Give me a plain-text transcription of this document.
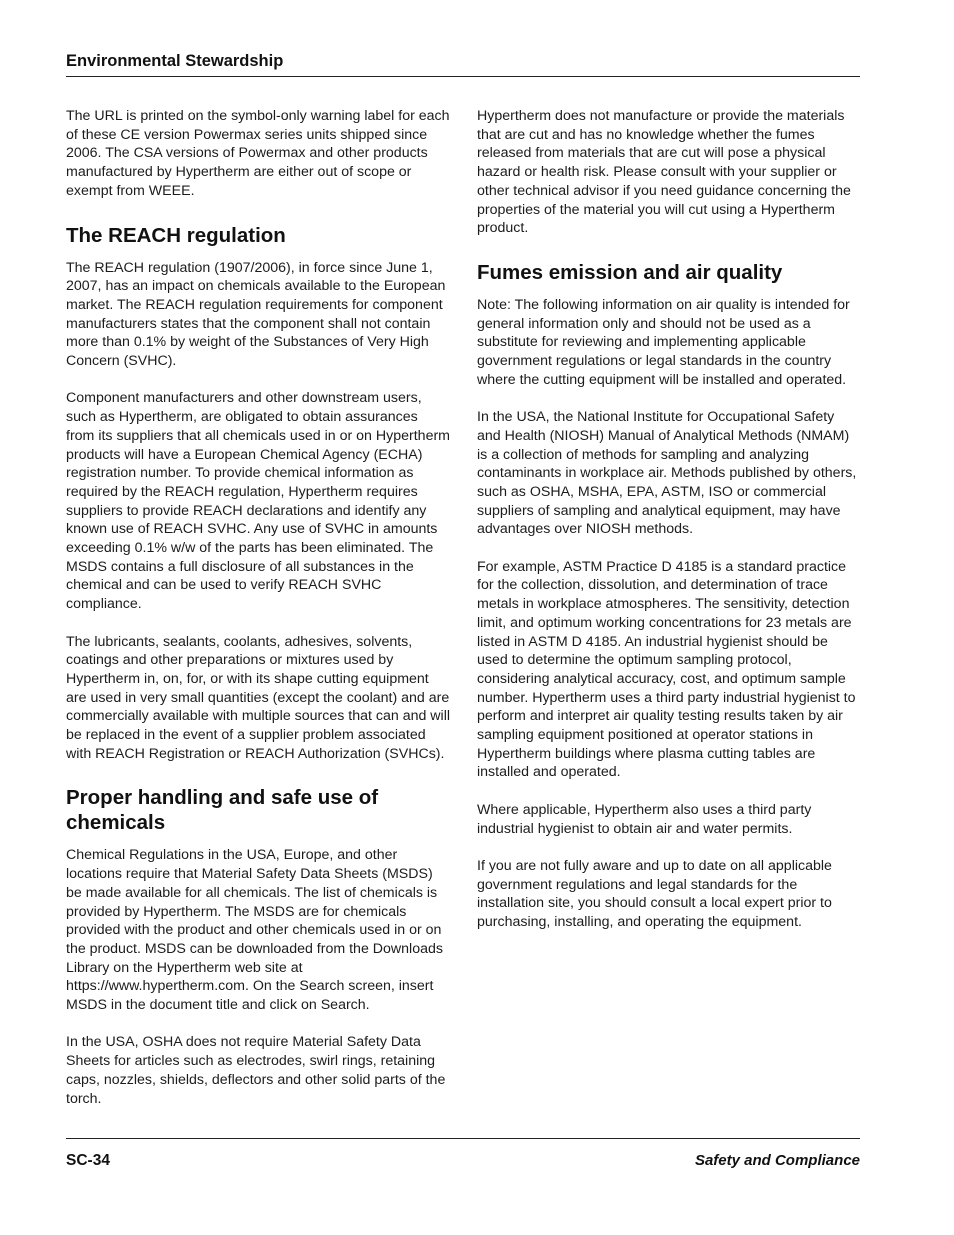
Environmental Stewardship

The URL is printed on the symbol-only warning label for each of these CE version Powermax series units shipped since 2006. The CSA versions of Powermax and other products manufactured by Hypertherm are either out of scope or exempt from WEEE.

The REACH regulation

The REACH regulation (1907/2006), in force since June 1, 2007, has an impact on chemicals available to the European market. The REACH regulation requirements for component manufacturers states that the component shall not contain more than 0.1% by weight of the Substances of Very High Concern (SVHC).

Component manufacturers and other downstream users, such as Hypertherm, are obligated to obtain assurances from its suppliers that all chemicals used in or on Hypertherm products will have a European Chemical Agency (ECHA) registration number. To provide chemical information as required by the REACH regulation, Hypertherm requires suppliers to provide REACH declarations and identify any known use of REACH SVHC. Any use of SVHC in amounts exceeding 0.1% w/w of the parts has been eliminated. The MSDS contains a full disclosure of all substances in the chemical and can be used to verify REACH SVHC compliance.

The lubricants, sealants, coolants, adhesives, solvents, coatings and other preparations or mixtures used by Hypertherm in, on, for, or with its shape cutting equipment are used in very small quantities (except the coolant) and are commercially available with multiple sources that can and will be replaced in the event of a supplier problem associated with REACH Registration or REACH Authorization (SVHCs).

Proper handling and safe use of chemicals

Chemical Regulations in the USA, Europe, and other locations require that Material Safety Data Sheets (MSDS) be made available for all chemicals. The list of chemicals is provided by Hypertherm. The MSDS are for chemicals provided with the product and other chemicals used in or on the product. MSDS can be downloaded from the Downloads Library on the Hypertherm web site at https://www.hypertherm.com. On the Search screen, insert MSDS in the document title and click on Search.

In the USA, OSHA does not require Material Safety Data Sheets for articles such as electrodes, swirl rings, retaining caps, nozzles, shields, deflectors and other solid parts of the torch.

Hypertherm does not manufacture or provide the materials that are cut and has no knowledge whether the fumes released from materials that are cut will pose a physical hazard or health risk. Please consult with your supplier or other technical advisor if you need guidance concerning the properties of the material you will cut using a Hypertherm product.

Fumes emission and air quality

Note: The following information on air quality is intended for general information only and should not be used as a substitute for reviewing and implementing applicable government regulations or legal standards in the country where the cutting equipment will be installed and operated.

In the USA, the National Institute for Occupational Safety and Health (NIOSH) Manual of Analytical Methods (NMAM) is a collection of methods for sampling and analyzing contaminants in workplace air. Methods published by others, such as OSHA, MSHA, EPA, ASTM, ISO or commercial suppliers of sampling and analytical equipment, may have advantages over NIOSH methods.

For example, ASTM Practice D 4185 is a standard practice for the collection, dissolution, and determination of trace metals in workplace atmospheres. The sensitivity, detection limit, and optimum working concentrations for 23 metals are listed in ASTM D 4185. An industrial hygienist should be used to determine the optimum sampling protocol, considering analytical accuracy, cost, and optimum sample number. Hypertherm uses a third party industrial hygienist to perform and interpret air quality testing results taken by air sampling equipment positioned at operator stations in Hypertherm buildings where plasma cutting tables are installed and operated.

Where applicable, Hypertherm also uses a third party industrial hygienist to obtain air and water permits.

If you are not fully aware and up to date on all applicable government regulations and legal standards for the installation site, you should consult a local expert prior to purchasing, installing, and operating the equipment.

SC-34	Safety and Compliance
